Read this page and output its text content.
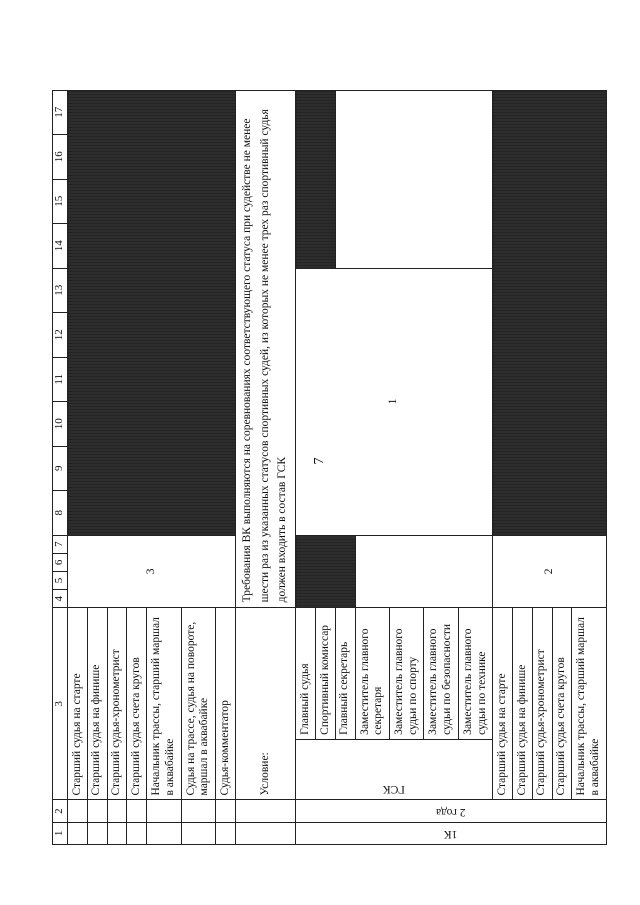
7
1	2	3		4	5	6	7	8	9	10	11	12	13	14	15	16	17
		Старший судья на старте		3													
		Старший судья на финише															
		Старший судья-хронометрист															
		Старший судья счета кругов															
		Начальник трассы, старший маршал в аквабайке															
		Судья на трассе, судья на повороте, маршал в аквабайке															
		Судья-комментатор															
		Условие:		Требования ВК выполняются на соревнованиях соответствующего статуса при судействе не менее шести раз из указанных статусов спортивных судей, из которых не менее трех раз спортивный судья должен входить в состав ГСК													

1К	2 года	ГСК	Главный судья					1									
			Спортивный комиссар														
			Главный секретарь														
			Заместитель главного секретаря														
			Заместитель главного судьи по спорту														
			Заместитель главного судьи по безопасности														
			Заместитель главного судьи по технике														
		Старший судья на старте		2													
		Старший судья на финише															
		Старший судья-хронометрист															
		Старший судья счета кругов															
		Начальник трассы, старший маршал в аквабайке															
